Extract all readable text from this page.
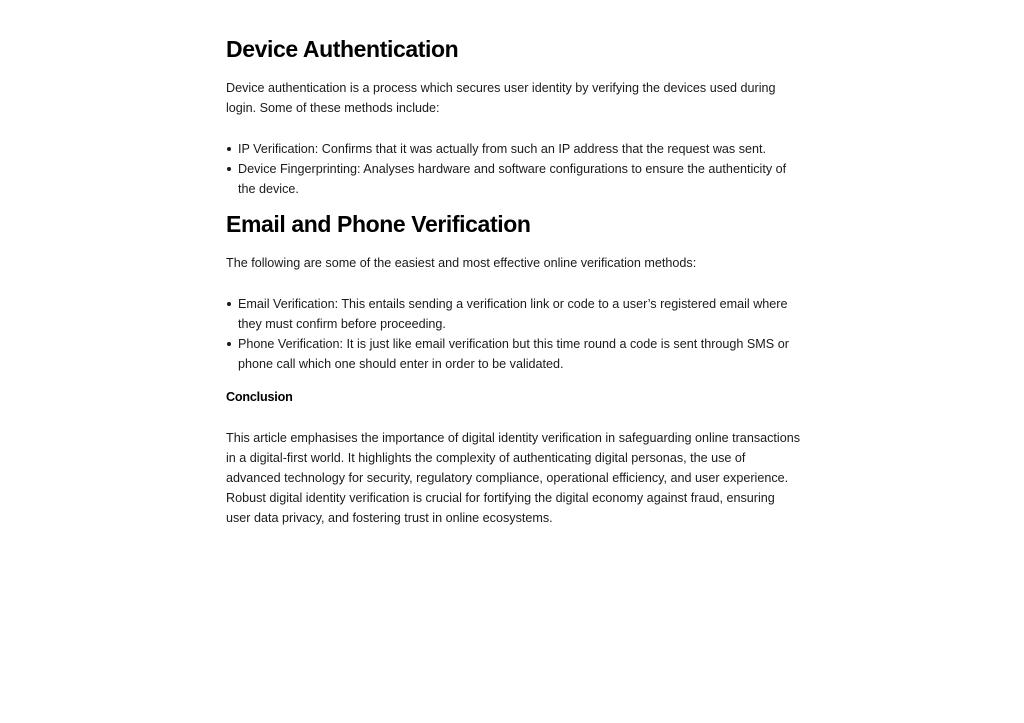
Device Authentication

Device authentication is a process which secures user identity by verifying the devices used during login. Some of these methods include:

IP Verification: Confirms that it was actually from such an IP address that the request was sent.
Device Fingerprinting: Analyses hardware and software configurations to ensure the authenticity of the device.
Email and Phone Verification

The following are some of the easiest and most effective online verification methods:

Email Verification: This entails sending a verification link or code to a user’s registered email where they must confirm before proceeding.
Phone Verification: It is just like email verification but this time round a code is sent through SMS or phone call which one should enter in order to be validated.

Conclusion

This article emphasises the importance of digital identity verification in safeguarding online transactions in a digital-first world. It highlights the complexity of authenticating digital personas, the use of advanced technology for security, regulatory compliance, operational efficiency, and user experience. Robust digital identity verification is crucial for fortifying the digital economy against fraud, ensuring user data privacy, and fostering trust in online ecosystems.
